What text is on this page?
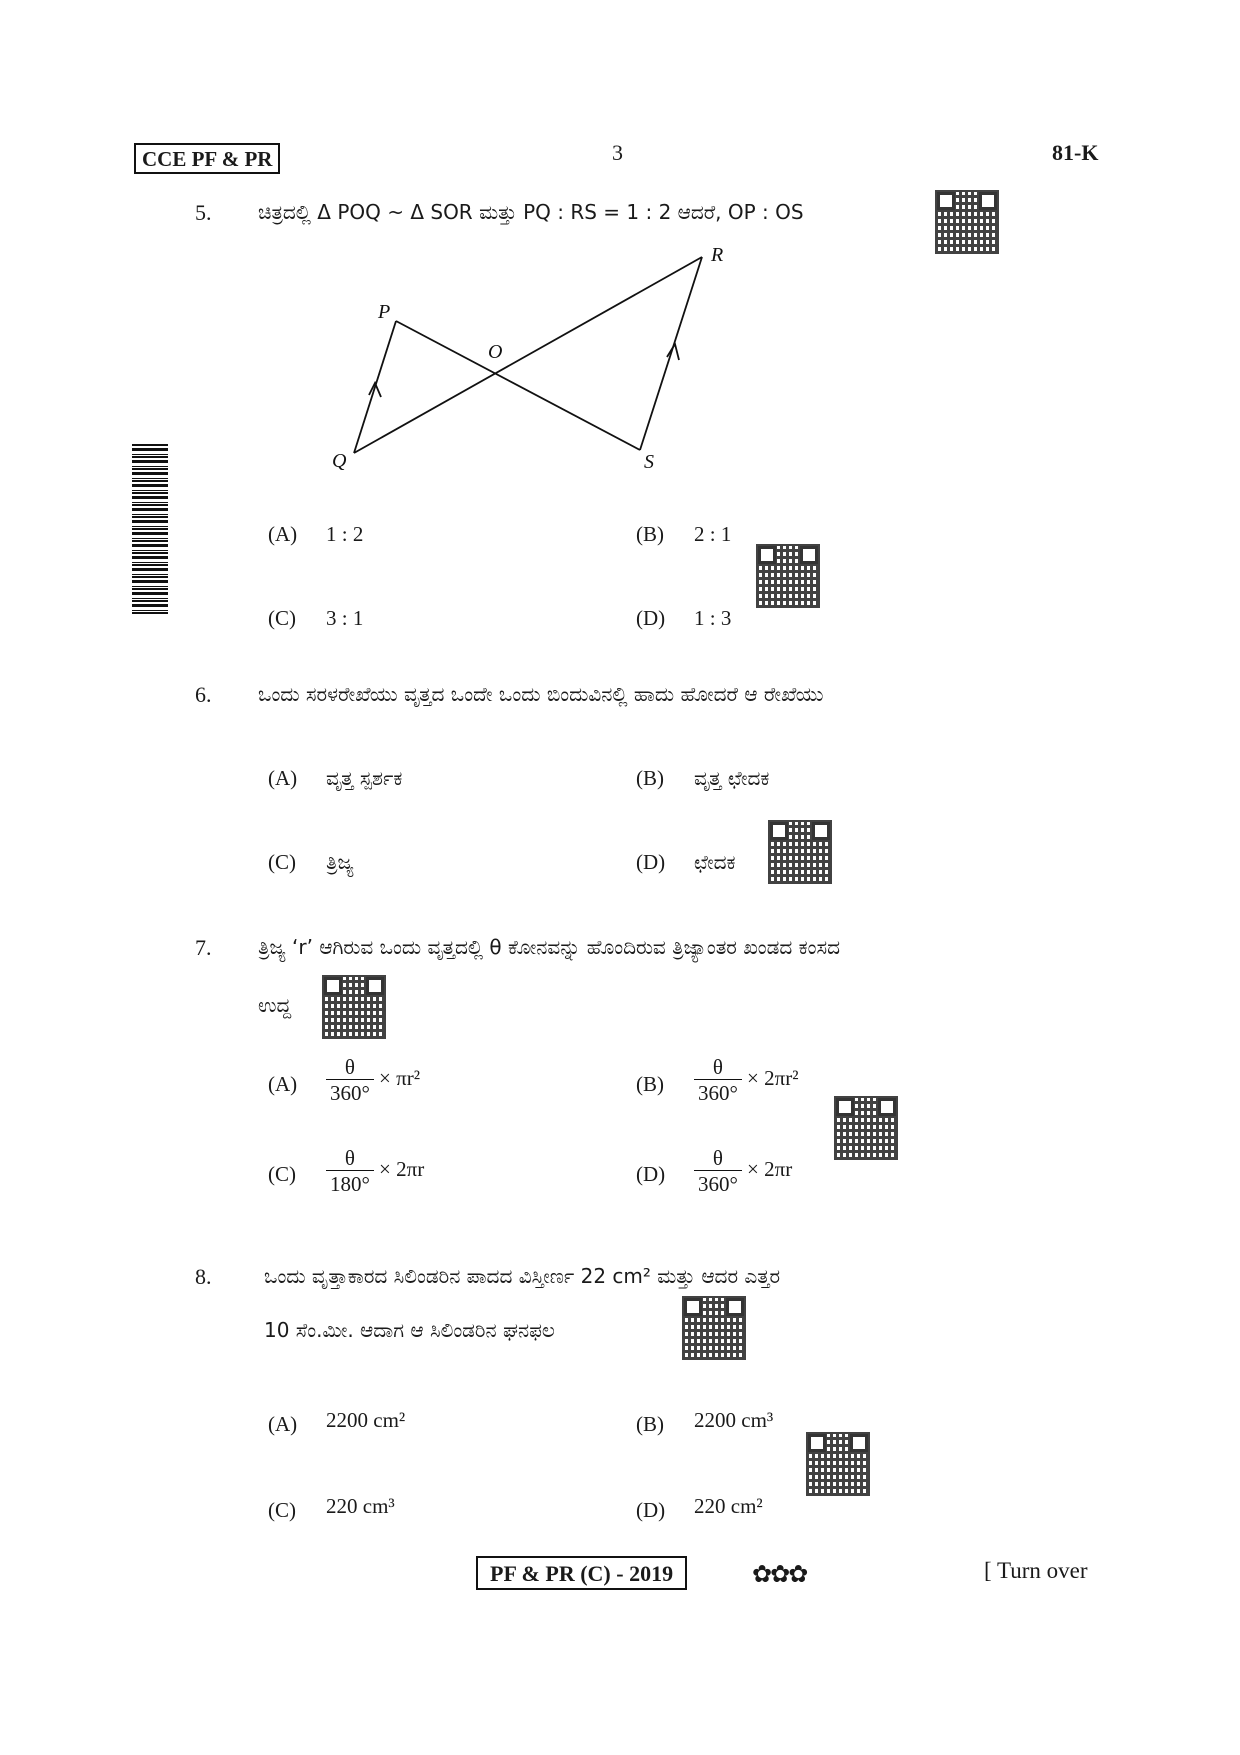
CCE PF & PR	3	81-K
5. ಚಿತ್ರದಲ್ಲಿ Δ POQ ~ Δ SOR ಮತ್ತು PQ : RS = 1 : 2 ಆದರೆ, OP : OS
P
Q
O
R
S
(A) 1 : 2	(B) 2 : 1
(C) 3 : 1	(D) 1 : 3
6. ಒಂದು ಸರಳರೇಖೆಯು ವೃತ್ತದ ಒಂದೇ ಒಂದು ಬಿಂದುವಿನಲ್ಲಿ ಹಾದು ಹೋದರೆ ಆ ರೇಖೆಯು
(A) ವೃತ್ತ ಸ್ಪರ್ಶಕ	(B) ವೃತ್ತ ಛೇದಕ
(C) ತ್ರಿಜ್ಯ	(D) ಛೇದಕ
7. ತ್ರಿಜ್ಯ ‘r’ ಆಗಿರುವ ಒಂದು ವೃತ್ತದಲ್ಲಿ θ ಕೋನವನ್ನು ಹೊಂದಿರುವ ತ್ರಿಜ್ಯಾಂತರ ಖಂಡದ ಕಂಸದ
ಉದ್ದ
$(A) \frac{\theta}{360^\circ} \times \pi r^2$	$(B) \frac{\theta}{360^\circ} \times 2\pi r^2$
$(C) \frac{\theta}{180^\circ} \times 2\pi r$	$(D) \frac{\theta}{360^\circ} \times 2\pi r$
8.	ಒಂದು ವೃತ್ತಾಕಾರದ ಸಿಲಿಂಡರಿನ ಪಾದದ ವಿಸ್ತೀರ್ಣ 22 cm² ಮತ್ತು ಆದರ ಎತ್ತರ
10 ಸೆಂ.ಮೀ. ಆದಾಗ ಆ ಸಿಲಿಂಡರಿನ ಘನಫಲ
(A) 2200 cm²	(B) 2200 cm³
(C) 220 cm³	(D) 220 cm²
PF & PR (C) - 2019	✿✿✿	[ Turn over
